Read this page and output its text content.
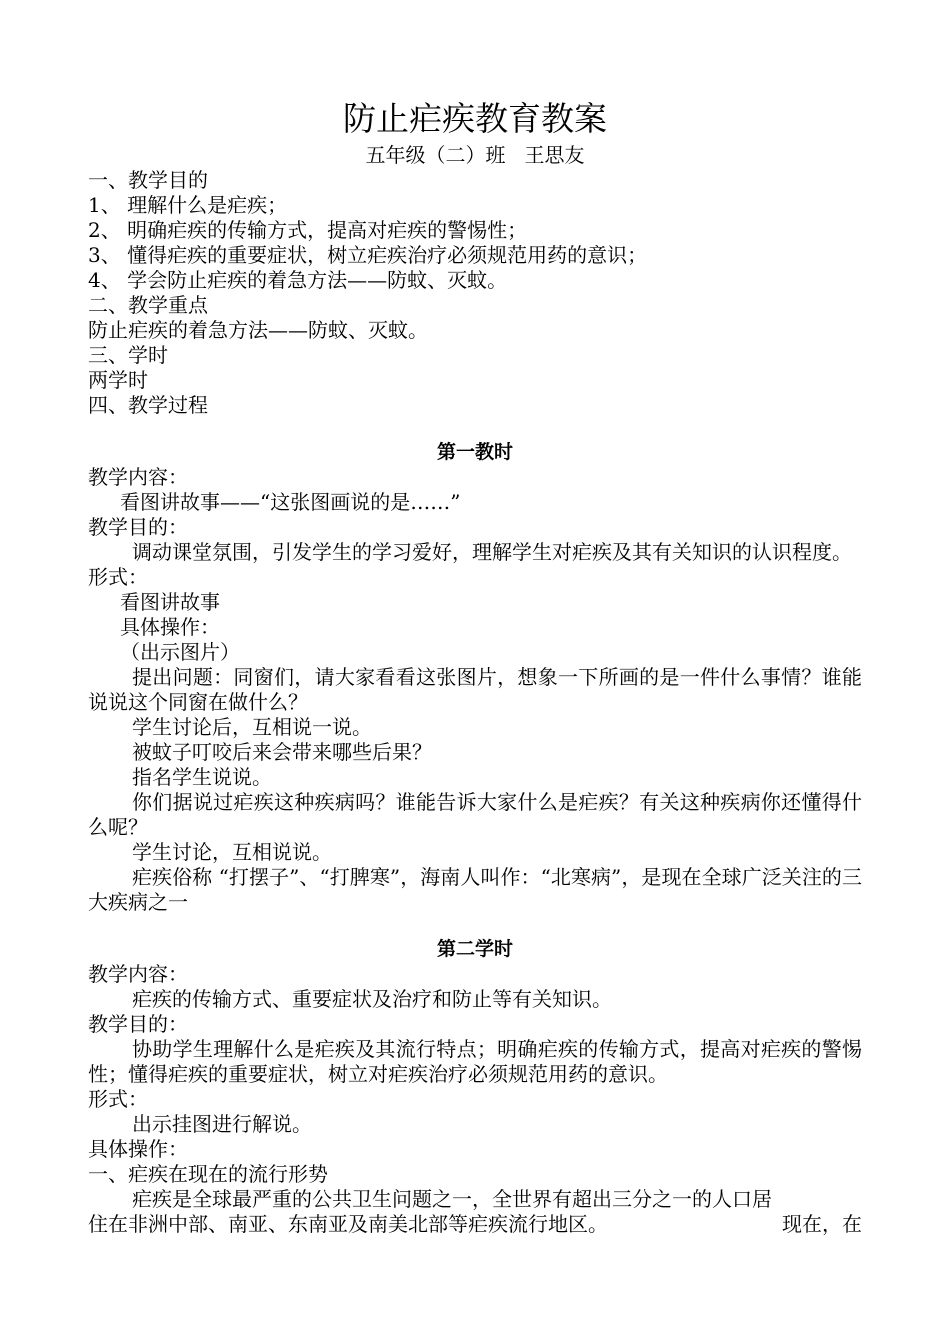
防止疟疾教育教案

五年级（二）班   王思友

一、教学目的

1、 理解什么是疟疾；

2、 明确疟疾的传输方式，提高对疟疾的警惕性；

3、 懂得疟疾的重要症状，树立疟疾治疗必须规范用药的意识；

4、 学会防止疟疾的着急方法——防蚊、灭蚊。

二、教学重点

防止疟疾的着急方法——防蚊、灭蚊。

三、学时

两学时

四、教学过程

第一教时

教学内容：

看图讲故事——“这张图画说的是……”

教学目的：

调动课堂氛围，引发学生的学习爱好，理解学生对疟疾及其有关知识的认识程度。

形式：

看图讲故事

具体操作：

（出示图片）

提出问题：同窗们，请大家看看这张图片，想象一下所画的是一件什么事情？谁能说说这个同窗在做什么？

学生讨论后，互相说一说。

被蚊子叮咬后来会带来哪些后果？

指名学生说说。

你们据说过疟疾这种疾病吗？谁能告诉大家什么是疟疾？有关这种疾病你还懂得什么呢？

学生讨论，互相说说。

疟疾俗称 “打摆子”、“打脾寒”，海南人叫作：“北寒病”，是现在全球广泛关注的三大疾病之一

第二学时

教学内容：

疟疾的传输方式、重要症状及治疗和防止等有关知识。

教学目的：

协助学生理解什么是疟疾及其流行特点；明确疟疾的传输方式，提高对疟疾的警惕性；懂得疟疾的重要症状，树立对疟疾治疗必须规范用药的意识。

形式：

出示挂图进行解说。

具体操作：

一、疟疾在现在的流行形势

疟疾是全球最严重的公共卫生问题之一，全世界有超出三分之一的人口居

住在非洲中部、南亚、东南亚及南美北部等疟疾流行地区。	现在，在
